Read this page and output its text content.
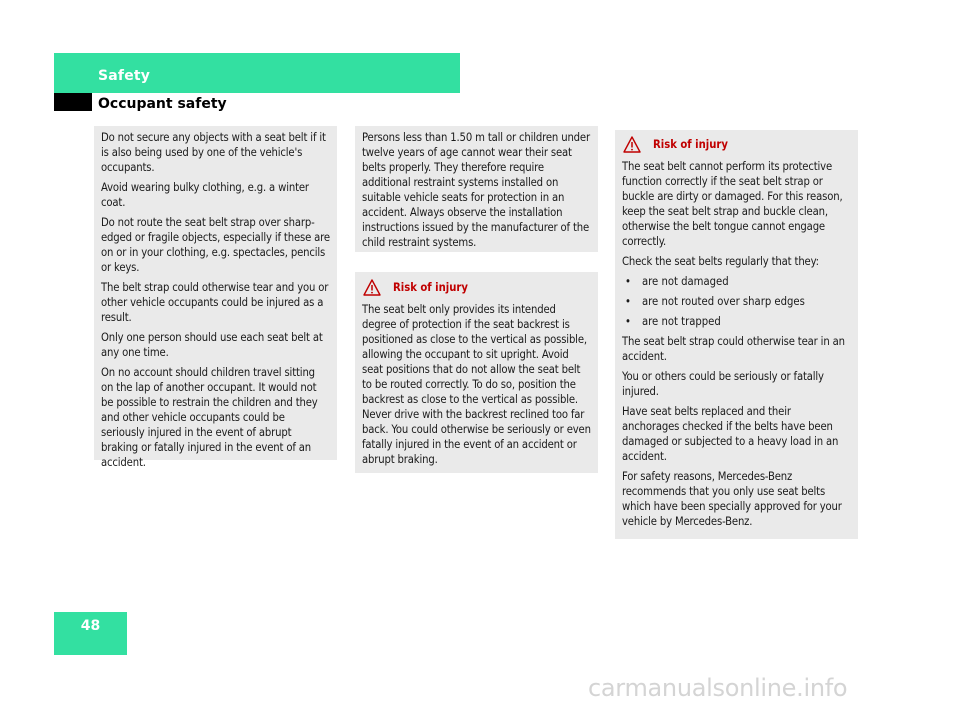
Safety
Occupant safety

Do not secure any objects with a seat belt if it is also being used by one of the vehicle's occupants.

Avoid wearing bulky clothing, e.g. a winter coat.

Do not route the seat belt strap over sharp-edged or fragile objects, especially if these are on or in your clothing, e.g. spectacles, pencils or keys.

The belt strap could otherwise tear and you or other vehicle occupants could be injured as a result.

Only one person should use each seat belt at any one time.

On no account should children travel sitting on the lap of another occupant. It would not be possible to restrain the children and they and other vehicle occupants could be seriously injured in the event of abrupt braking or fatally injured in the event of an accident.

Persons less than 1.50 m tall or children under twelve years of age cannot wear their seat belts properly. They therefore require additional restraint systems installed on suitable vehicle seats for protection in an accident. Always observe the installation instructions issued by the manufacturer of the child restraint systems.

Risk of injury

The seat belt only provides its intended degree of protection if the seat backrest is positioned as close to the vertical as possible, allowing the occupant to sit upright. Avoid seat positions that do not allow the seat belt to be routed correctly. To do so, position the backrest as close to the vertical as possible. Never drive with the backrest reclined too far back. You could otherwise be seriously or even fatally injured in the event of an accident or abrupt braking.

Risk of injury

The seat belt cannot perform its protective function correctly if the seat belt strap or buckle are dirty or damaged. For this reason, keep the seat belt strap and buckle clean, otherwise the belt tongue cannot engage correctly.

Check the seat belts regularly that they:

• are not damaged
• are not routed over sharp edges
• are not trapped

The seat belt strap could otherwise tear in an accident.

You or others could be seriously or fatally injured.

Have seat belts replaced and their anchorages checked if the belts have been damaged or subjected to a heavy load in an accident.

For safety reasons, Mercedes-Benz recommends that you only use seat belts which have been specially approved for your vehicle by Mercedes-Benz.

48
carmanualsonline.info
